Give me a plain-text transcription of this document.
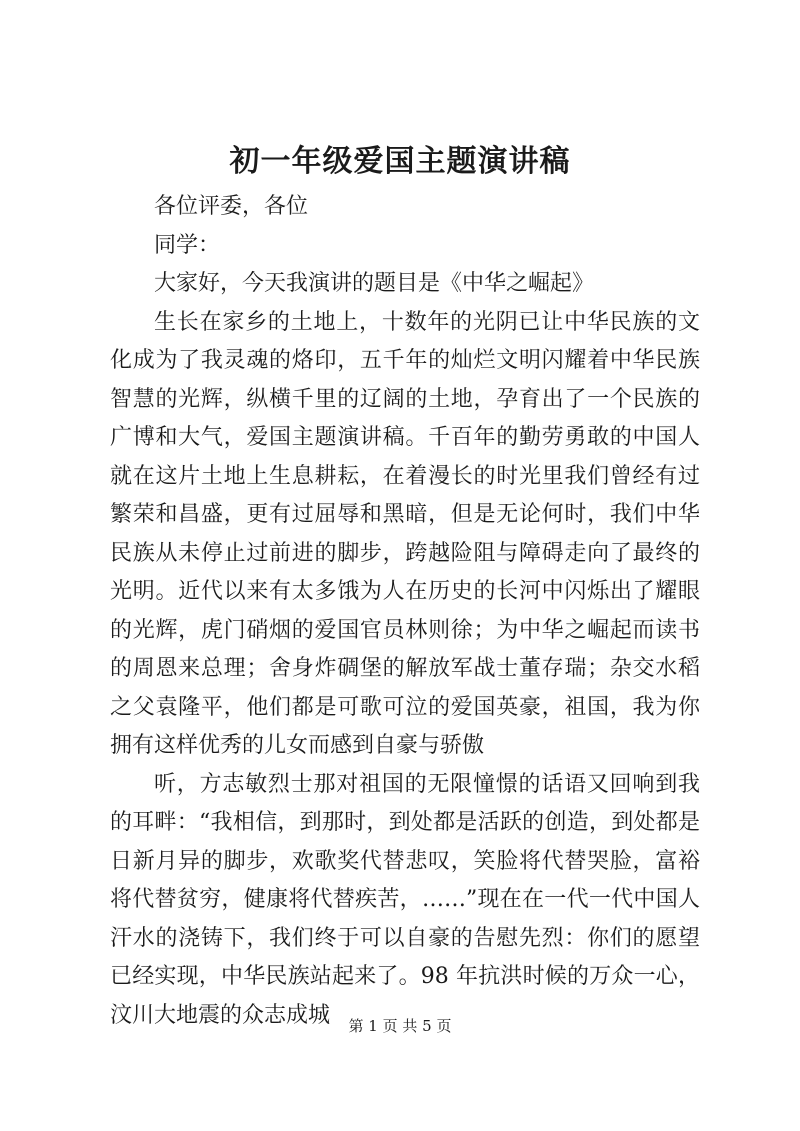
初一年级爱国主题演讲稿

各位评委，各位

同学：

大家好，今天我演讲的题目是《中华之崛起》

生长在家乡的土地上，十数年的光阴已让中华民族的文化成为了我灵魂的烙印，五千年的灿烂文明闪耀着中华民族智慧的光辉，纵横千里的辽阔的土地，孕育出了一个民族的广博和大气，爱国主题演讲稿。千百年的勤劳勇敢的中国人就在这片土地上生息耕耘，在着漫长的时光里我们曾经有过繁荣和昌盛，更有过屈辱和黑暗，但是无论何时，我们中华民族从未停止过前进的脚步，跨越险阻与障碍走向了最终的光明。近代以来有太多饿为人在历史的长河中闪烁出了耀眼的光辉，虎门硝烟的爱国官员林则徐；为中华之崛起而读书的周恩来总理；舍身炸碉堡的解放军战士董存瑞；杂交水稻之父袁隆平，他们都是可歌可泣的爱国英豪，祖国，我为你拥有这样优秀的儿女而感到自豪与骄傲

听，方志敏烈士那对祖国的无限憧憬的话语又回响到我的耳畔：“我相信，到那时，到处都是活跃的创造，到处都是日新月异的脚步，欢歌奖代替悲叹，笑脸将代替哭脸，富裕将代替贫穷，健康将代替疾苦，……”现在在一代一代中国人汗水的浇铸下，我们终于可以自豪的告慰先烈：你们的愿望已经实现，中华民族站起来了。98 年抗洪时候的万众一心，汶川大地震的众志成城	第 1 页 共 5 页
